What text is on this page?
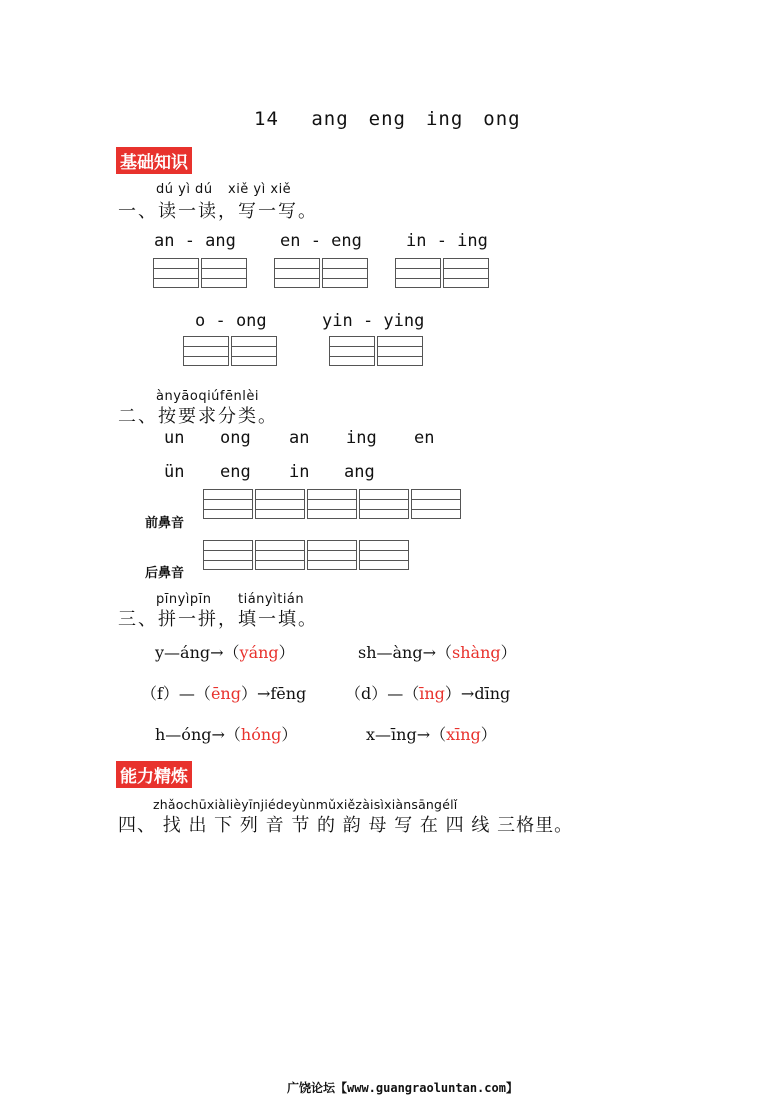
14　 ang　eng　ing　ong
基础知识
dú yì dú xiě yì xiě
一、读一读，写一写。
an - ang	en - eng	in - ing
o - ong	yin - ying
ànyāoqiúfēnlèi
二、按要求分类。
un ong an ing en
ün eng in ang
前鼻音
后鼻音
pīnyìpīn tiányìtián
三、拼一拼，填一填。
y—áng→（yáng）	sh—àng→（shàng）
（f）—（ēng）→fēng （d）—（īng）→dīng
h—óng→（hóng）	x—īng→（xīng）
能力精炼
zhǎochūxiàlièyīnjiédeyùnmǔxiězàisìxiànsāngélǐ
四、 找 出 下 列 音 节 的 韵 母 写 在 四 线 三格里。
广饶论坛【www.guangraoluntan.com】
